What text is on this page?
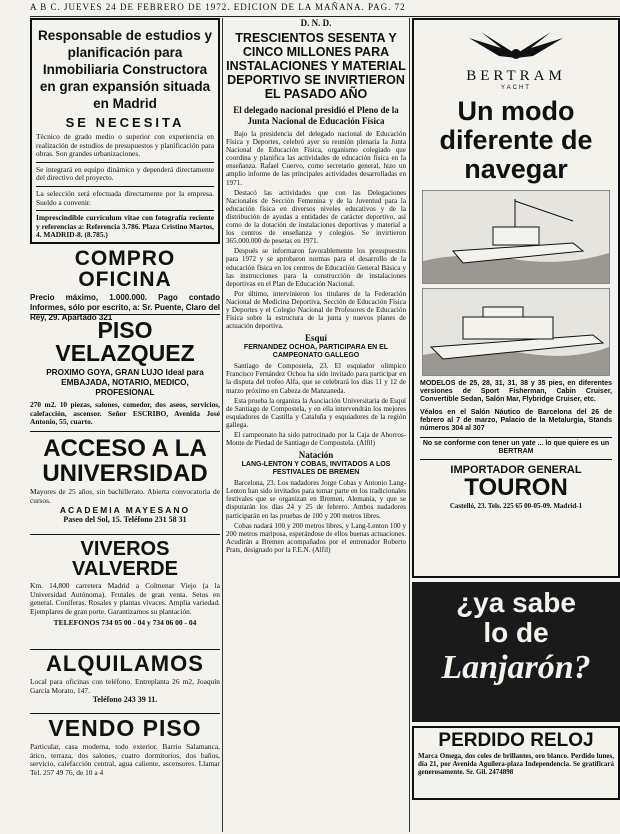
A B C. JUEVES 24 DE FEBRERO DE 1972. EDICION DE LA MAÑANA. PAG. 72
Responsable de estudios y planificación para Inmobiliaria Constructora en gran expansión situada en Madrid
SE NECESITA
Técnico de grado medio o superior con experiencia en realización de estudios de presupuestos y planificación para obras. Son grandes urbanizaciones.
Se integrará en equipo dinámico y dependerá directamente del directivo del proyecto.
La selección será efectuada directamente por la empresa. Sueldo a convenir.
Imprescindible currículum vitae con fotografía reciente y referencias a: Referencia 3.786. Plaza Cristino Martos, 4. MADRID-8. (8.785.)
COMPRO OFICINA
Precio máximo, 1.000.000. Pago contado Informes, sólo por escrito, a: Sr. Puente, Claro del Rey, 29. Apartado 321
PISO VELAZQUEZ
PROXIMO GOYA, GRAN LUJO Ideal para EMBAJADA, NOTARIO, MEDICO, PROFESIONAL
270 m2. 10 piezas, salones, comedor, dos aseos, servicios, calefacción, ascensor. Señor ESCRIBO, Avenida José Antonio, 55, cuarto.
ACCESO A LA UNIVERSIDAD
Mayores de 25 años, sin bachillerato. Abierta convocatoria de cursos.
ACADEMIA MAYESANO
Paseo del Sol, 15. Teléfono 231 58 31
VIVEROS VALVERDE
Km. 14,800 carretera Madrid a Colmenar Viejo (a la Universidad Autónoma). Frutales de gran venta. Setos en general. Coníferas. Rosales y plantas vivaces. Amplia variedad. Ejemplares de gran porte. Garantizamos su plantación.
TELEFONOS 734 05 00 - 04 y 734 06 00 - 04
ALQUILAMOS
Local para oficinas con teléfono. Entreplanta 26 m2, Joaquín García Morato, 147.
Teléfono 243 39 11.
VENDO PISO
Particular, casa moderna, todo exterior. Barrio Salamanca, ático, terraza, dos salones, cuatro dormitorios, dos baños, servicio, calefacción central, agua caliente, ascensores. Llamar Tel. 257 49 76, de 10 a 4
D. N. D.
TRESCIENTOS SESENTA Y CINCO MILLONES PARA INSTALACIONES Y MATERIAL DEPORTIVO SE INVIRTIERON EL PASADO AÑO
El delegado nacional presidió el Pleno de la Junta Nacional de Educación Física
Bajo la presidencia del delegado nacional de Educación Física y Deportes, celebró ayer su reunión plenaria la Junta Nacional de Educación Física, organismo colegiado que coordina y planifica las actividades de educación física en la enseñanza. Rafael Cuervo, como secretario general, hizo un amplio informe de las principales actividades desarrolladas en 1971.
Destacó las actividades que con las Delegaciones Nacionales de Sección Femenina y de la Juventud para la educación física en diversos niveles educativos y de la distribución de ayudas a entidades de carácter deportivo, así como de la dotación de instalaciones deportivas y material a los centros de enseñanza y colegios. Se invirtieron 365.000.000 de pesetas en 1971.
Después se informaron favorablemente los presupuestos para 1972 y se aprobaron normas para el desarrollo de la educación física en los centros de Educación General Básica y las instrucciones para la construcción de instalaciones deportivas en el Plan de Educación Nacional.
Por último, intervinieron los titulares de la Federación Nacional de Medicina Deportiva, Sección de Educación Física y Deportes y el Colegio Nacional de Profesores de Educación Física sobre la estructura de la junta y nuevos planes de actuación deportiva.
Esquí
FERNANDEZ OCHOA, PARTICIPARA EN EL CAMPEONATO GALLEGO
Santiago de Compostela, 23. El esquiador olímpico Francisco Fernández Ochoa ha sido invitado para participar en la disputa del trofeo Alfa, que se celebrará los días 11 y 12 de marzo próximo en Cabeza de Manzaneda.
Esta prueba la organiza la Asociación Universitaria de Esquí de Santiago de Compostela, y en ella intervendrán los mejores esquiadores de Castilla y Cataluña y esquiadores de la región gallega.
El campeonato ha sido patrocinado por la Caja de Ahorros-Monte de Piedad de Santiago de Compostela. (Alfil)
Natación
LANG-LENTON Y COBAS, INVITADOS A LOS FESTIVALES DE BREMEN
Barcelona, 23. Los nadadores Jorge Cobas y Antonio Lang-Lenton han sido invitados para tomar parte en los tradicionales festivales que se organizan en Bremen, Alemania, y que se disputarán los días 24 y 25 de febrero. Ambos nadadores participarán en las pruebas de 100 y 200 metros libres.
Cobas nadará 100 y 200 metros libres, y Lang-Lenton 100 y 200 metros mariposa, esperándose de ellos buenas actuaciones. Acudirán a Bremen acompañados por el entrenador Roberto Prats, designado por la F.E.N. (Alfil)
BERTRAM
YACHT
Un modo diferente de navegar
MODELOS de 25, 28, 31, 31, 38 y 35 pies, en diferentes versiones de Sport Fisherman, Cabin Cruiser, Convertible Sedan, Salón Mar, Flybridge Cruiser, etc.
Véalos en el Salón Náutico de Barcelona del 26 de febrero al 7 de marzo, Palacio de la Metalurgia, Stands números 304 al 307
No se conforme con tener un yate ... lo que quiere es un BERTRAM
IMPORTADOR GENERAL
TOURON
Castelló, 23. Tels. 225 65 00-05-09. Madrid-1
¿ya sabe
lo de
Lanjarón?
PERDIDO RELOJ
Marca Omega, dos coles de brillantes, oro blanco. Perdido lunes, día 21, por Avenida Aguilera-plaza Independencia. Se gratificará generosamente. Sr. Gil. 2474898
